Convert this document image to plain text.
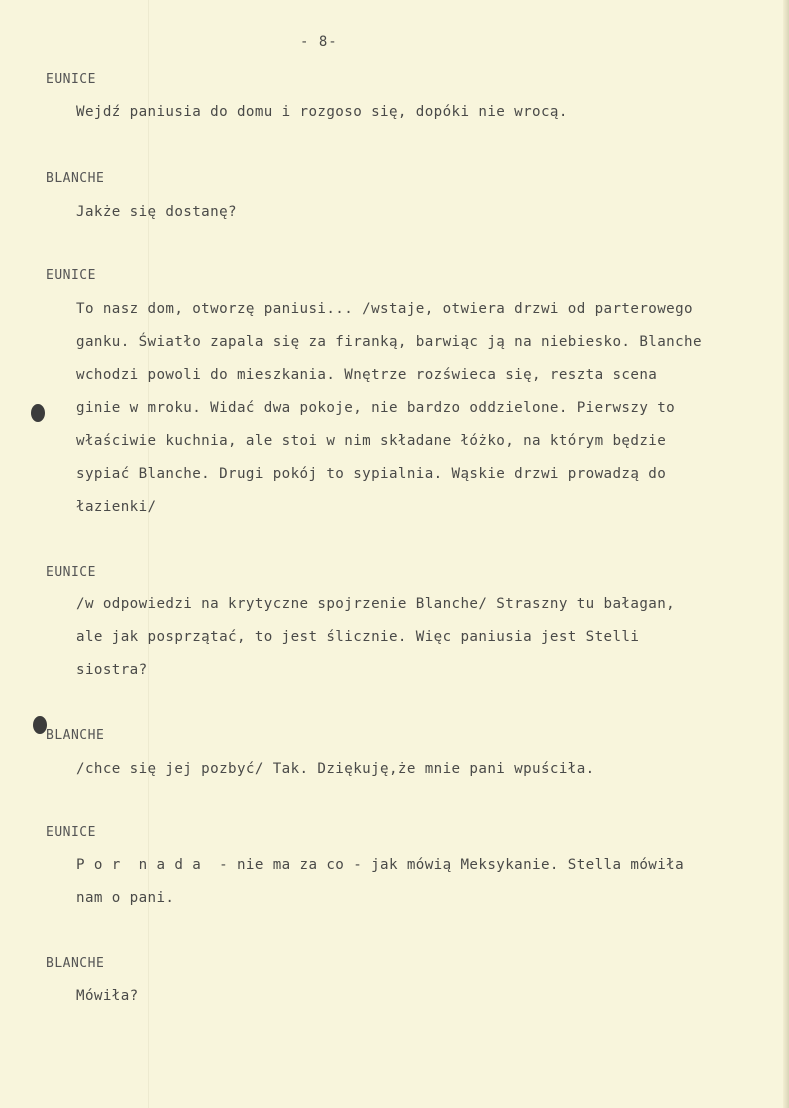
- 8-
EUNICE
Wejdź paniusia do domu i rozgoso się, dopóki nie wrocą.
BLANCHE
Jakże się dostanę?
EUNICE
To nasz dom, otworzę paniusi... /wstaje, otwiera drzwi od parterowego
ganku. Światło zapala się za firanką, barwiąc ją na niebiesko. Blanche
wchodzi powoli do mieszkania. Wnętrze rozświeca się, reszta scena
ginie w mroku. Widać dwa pokoje, nie bardzo oddzielone. Pierwszy to
właściwie kuchnia, ale stoi w nim składane łóżko, na którym będzie
sypiać Blanche. Drugi pokój to sypialnia. Wąskie drzwi prowadzą do
łazienki/
EUNICE
/w odpowiedzi na krytyczne spojrzenie Blanche/ Straszny tu bałagan,
ale jak posprzątać, to jest ślicznie. Więc paniusia jest Stelli
siostra?
BLANCHE
/chce się jej pozbyć/ Tak. Dziękuję,że mnie pani wpuściła.
EUNICE
P o r  n a d a  - nie ma za co - jak mówią Meksykanie. Stella mówiła
nam o pani.
BLANCHE
Mówiła?
